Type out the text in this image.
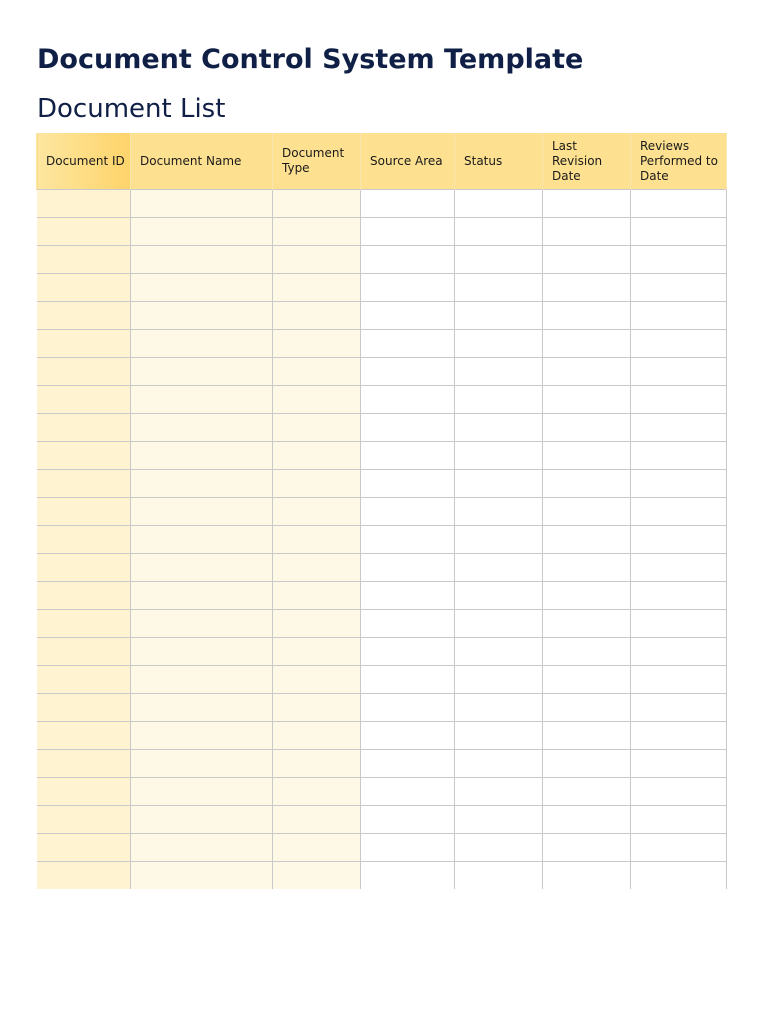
Document Control System Template
Document List
Document ID	Document Name	Document Type	Source Area	Status	Last Revision Date	Reviews Performed to Date
